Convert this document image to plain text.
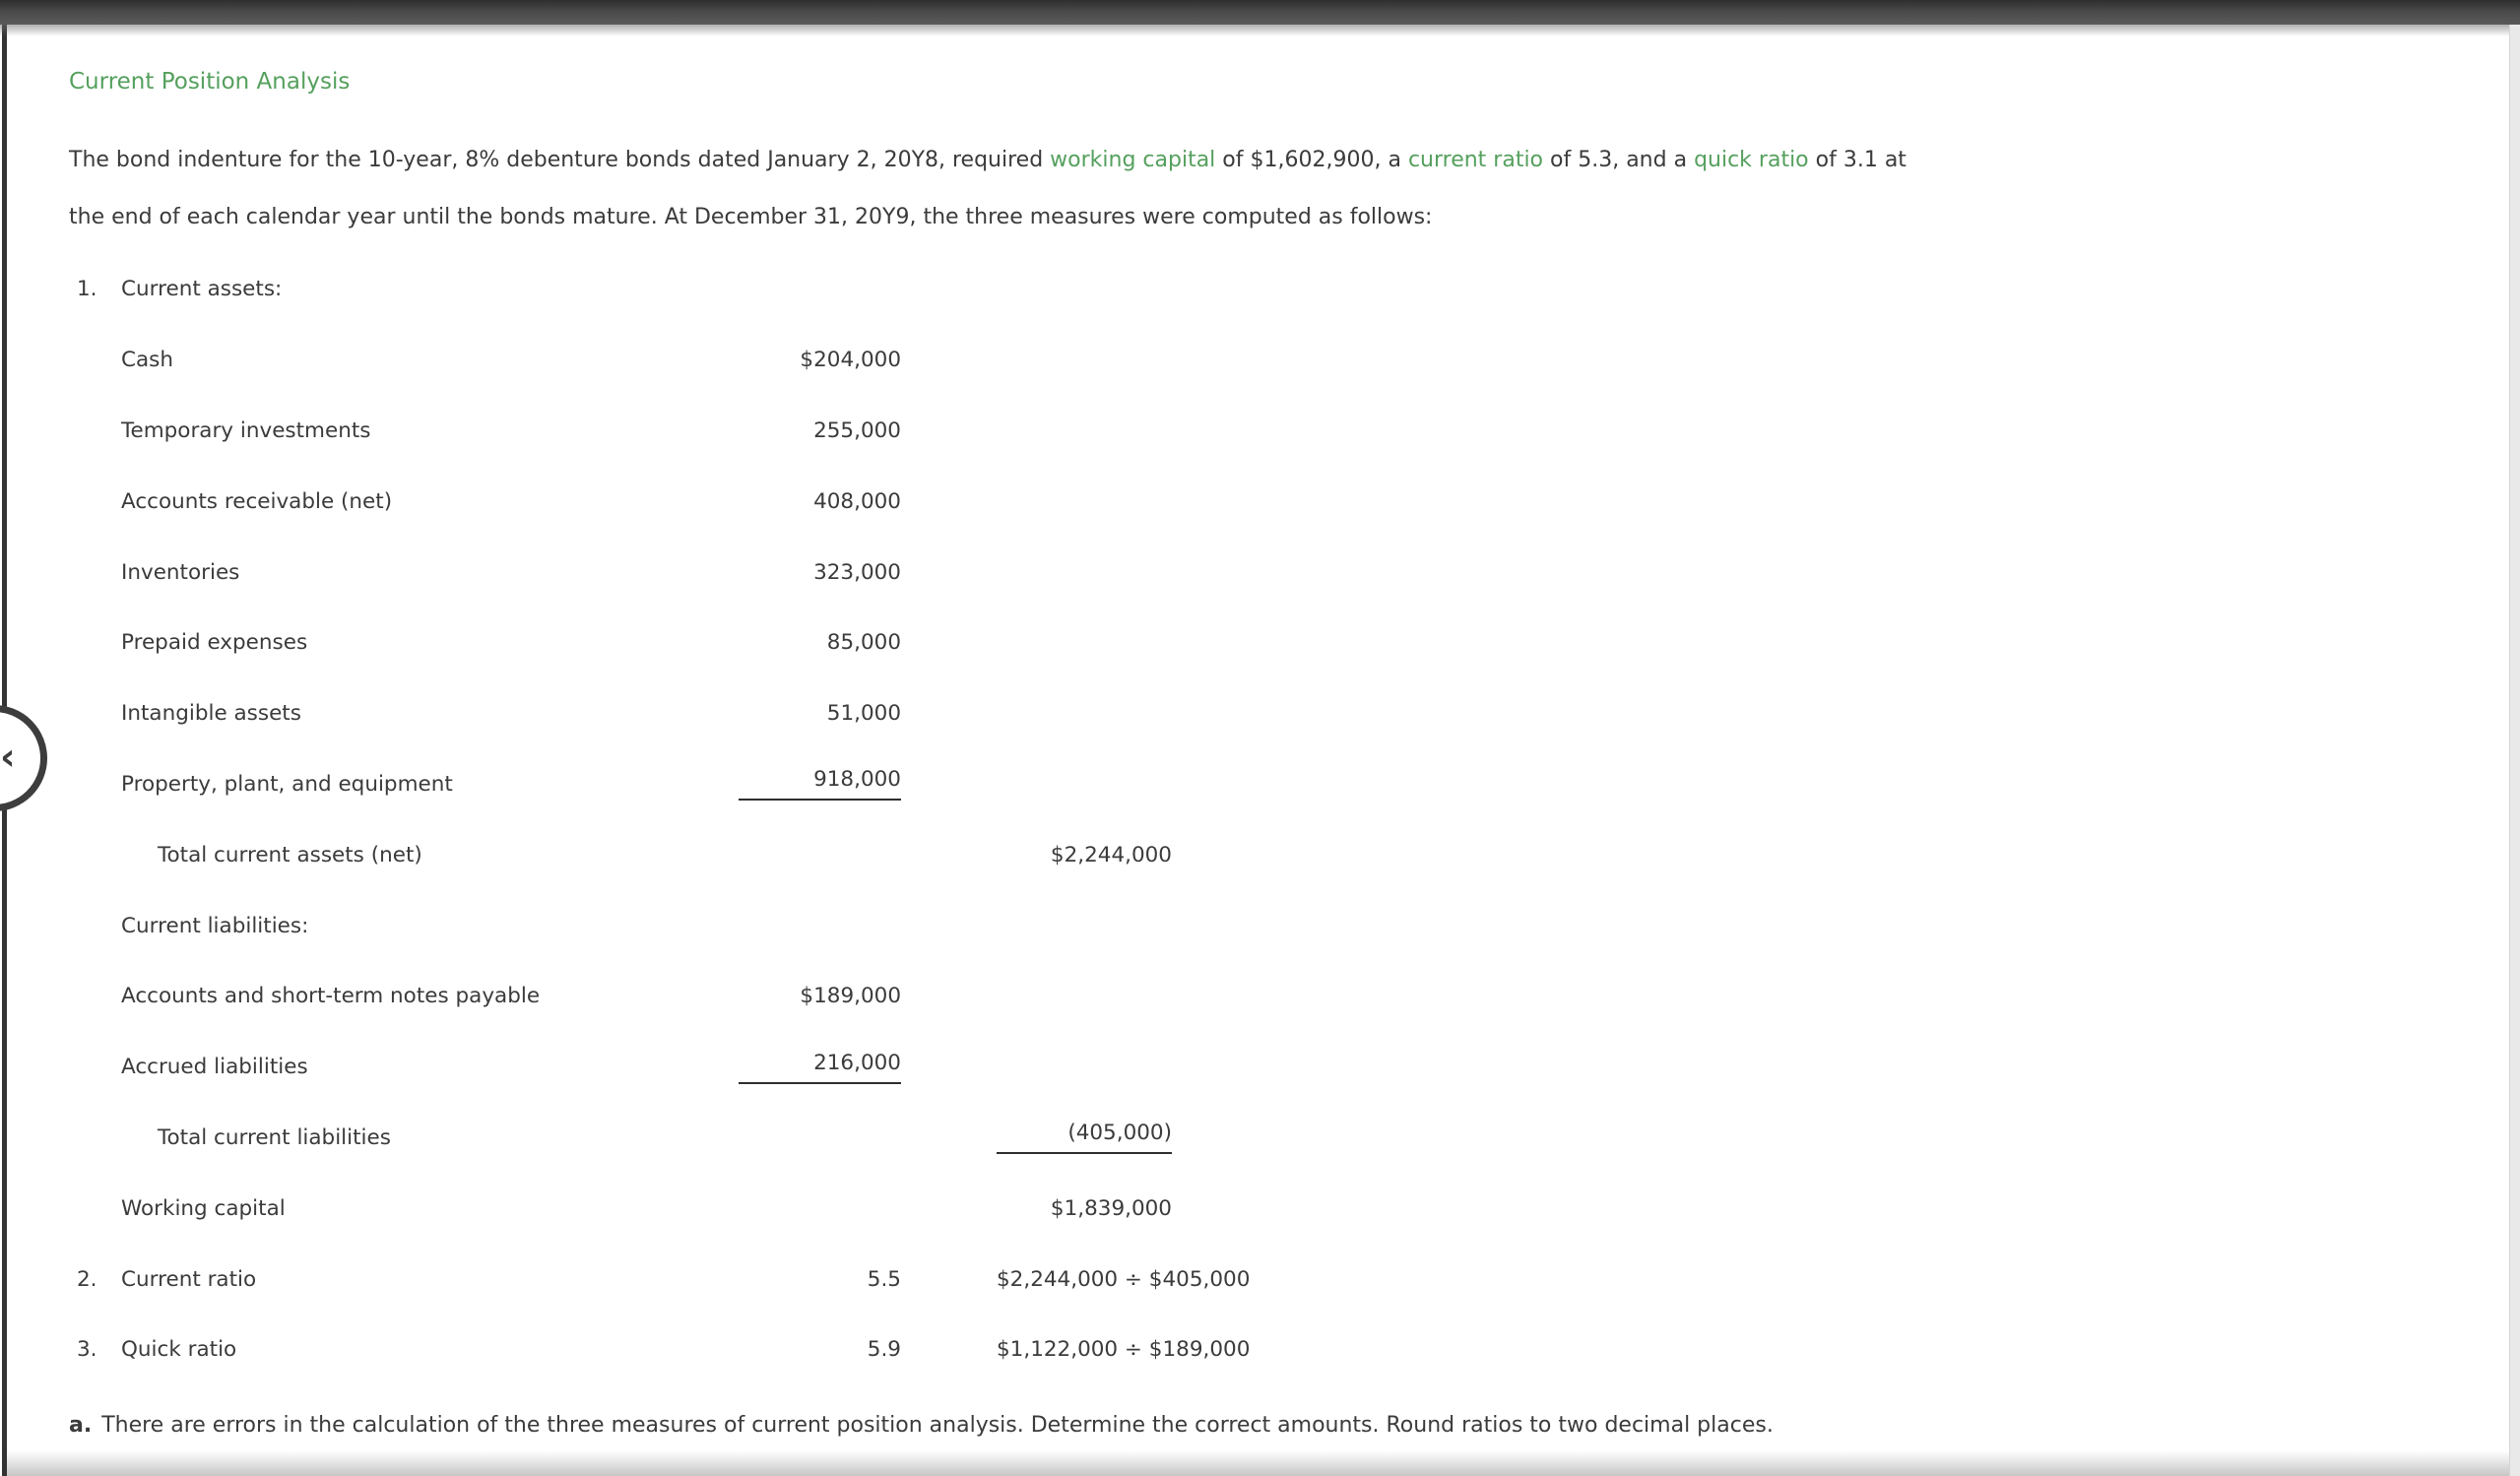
‹
Current Position Analysis

The bond indenture for the 10-year, 8% debenture bonds dated January 2, 20Y8, required working capital of $1,602,900, a current ratio of 5.3, and a quick ratio of 3.1 at
the end of each calendar year until the bonds mature. At December 31, 20Y9, the three measures were computed as follows:

1.	Current assets:
Cash	$204,000
Temporary investments	255,000
Accounts receivable (net)	408,000
Inventories	323,000
Prepaid expenses	85,000
Intangible assets	51,000
Property, plant, and equipment	918,000
Total current assets (net)	$2,244,000
Current liabilities:
Accounts and short-term notes payable	$189,000
Accrued liabilities	216,000
Total current liabilities	(405,000)
Working capital	$1,839,000
2.	Current ratio	5.5	$2,244,000 ÷ $405,000
3.	Quick ratio	5.9	$1,122,000 ÷ $189,000

a. There are errors in the calculation of the three measures of current position analysis. Determine the correct amounts. Round ratios to two decimal places.
